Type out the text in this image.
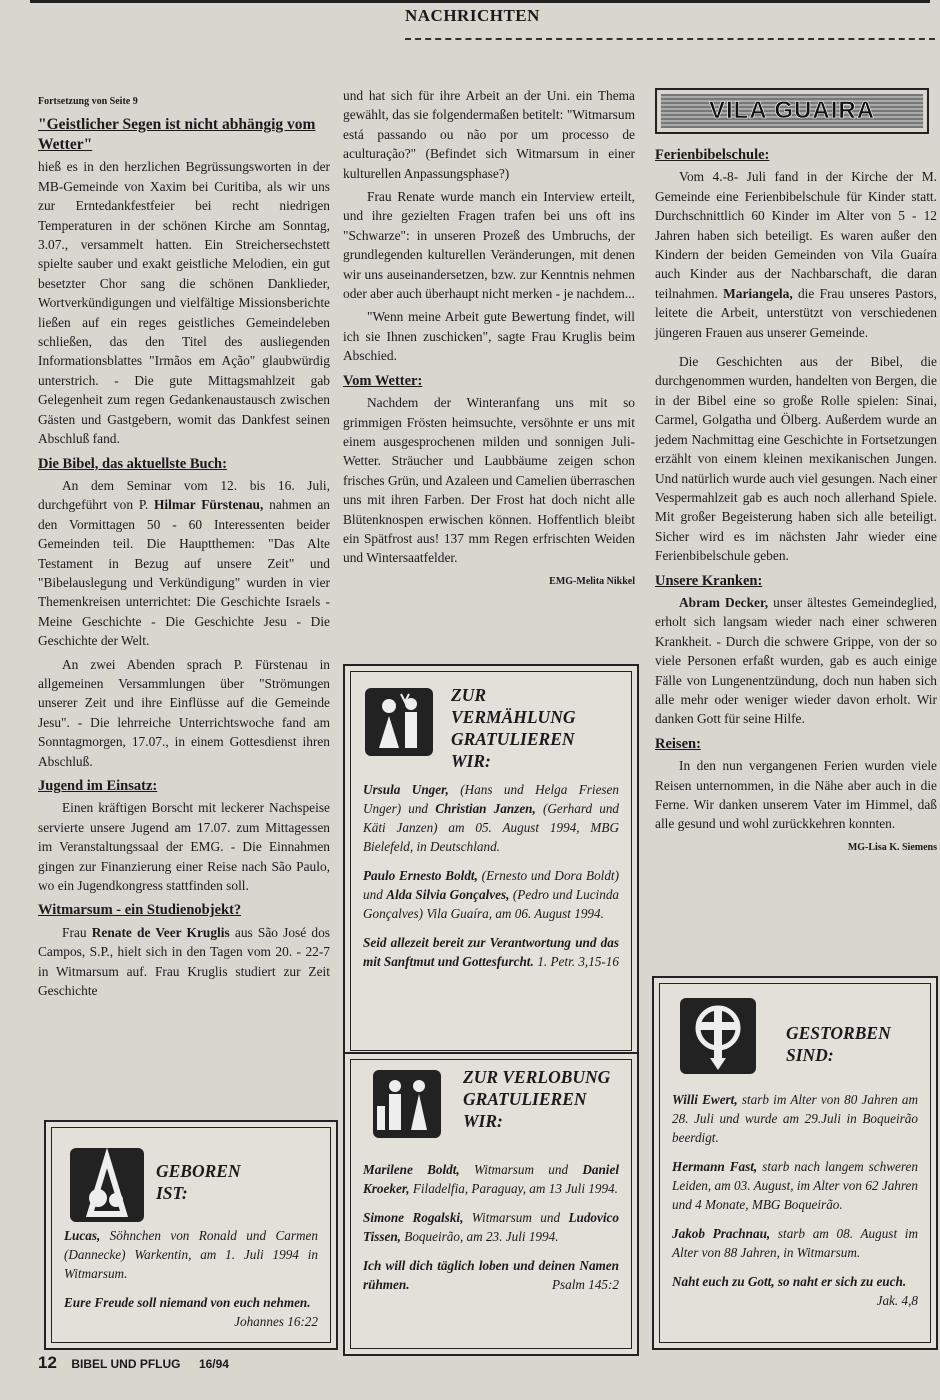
NACHRICHTEN

Fortsetzung von Seite 9

"Geistlicher Segen ist nicht abhängig vom Wetter"

hieß es in den herzlichen Begrüssungsworten in der MB-Gemeinde von Xaxim bei Curitiba, als wir uns zur Erntedankfestfeier bei recht niedrigen Temperaturen in der schönen Kirche am Sonntag, 3.07., versammelt hatten. Ein Streichersechstett spielte sauber und exakt geistliche Melodien, ein gut besetzter Chor sang die schönen Danklieder, Wortverkündigungen und vielfältige Missionsberichte ließen auf ein reges geistliches Gemeindeleben schließen, das den Titel des ausliegenden Informationsblattes "Irmãos em Ação" glaubwürdig unterstrich. - Die gute Mittagsmahlzeit gab Gelegenheit zum regen Gedankenaustausch zwischen Gästen und Gastgebern, womit das Dankfest seinen Abschluß fand.

Die Bibel, das aktuellste Buch:

An dem Seminar vom 12. bis 16. Juli, durchgeführt von P. Hilmar Fürstenau, nahmen an den Vormittagen 50 - 60 Interessenten beider Gemeinden teil. Die Hauptthemen: "Das Alte Testament in Bezug auf unsere Zeit" und "Bibelauslegung und Verkündigung" wurden in vier Themenkreisen unterrichtet: Die Geschichte Israels - Meine Geschichte - Die Geschichte Jesu - Die Geschichte der Welt.

An zwei Abenden sprach P. Fürstenau in allgemeinen Versammlungen über "Strömungen unserer Zeit und ihre Einflüsse auf die Gemeinde Jesu". - Die lehrreiche Unterrichtswoche fand am Sonntagmorgen, 17.07., in einem Gottesdienst ihren Abschluß.

Jugend im Einsatz:

Einen kräftigen Borscht mit leckerer Nachspeise servierte unsere Jugend am 17.07. zum Mittagessen im Veranstaltungssaal der EMG. - Die Einnahmen gingen zur Finanzierung einer Reise nach São Paulo, wo ein Jugendkongress stattfinden soll.

Witmarsum - ein Studienobjekt?

Frau Renate de Veer Kruglis aus São José dos Campos, S.P., hielt sich in den Tagen vom 20. - 22-7 in Witmarsum auf. Frau Kruglis studiert zur Zeit Geschichte

und hat sich für ihre Arbeit an der Uni. ein Thema gewählt, das sie folgendermaßen betitelt: "Witmarsum está passando ou não por um processo de aculturação?" (Befindet sich Witmarsum in einer kulturellen Anpassungsphase?)

Frau Renate wurde manch ein Interview erteilt, und ihre gezielten Fragen trafen bei uns oft ins "Schwarze": in unseren Prozeß des Umbruchs, der grundlegenden kulturellen Veränderungen, mit denen wir uns auseinandersetzen, bzw. zur Kenntnis nehmen oder aber auch überhaupt nicht merken - je nachdem...

"Wenn meine Arbeit gute Bewertung findet, will ich sie Ihnen zuschicken", sagte Frau Kruglis beim Abschied.

Vom Wetter:

Nachdem der Winteranfang uns mit so grimmigen Frösten heimsuchte, versöhnte er uns mit einem ausgesprochenen milden und sonnigen Juli-Wetter. Sträucher und Laubbäume zeigen schon frisches Grün, und Azaleen und Camelien überraschen uns mit ihren Farben. Der Frost hat doch nicht alle Blütenknospen erwischen können. Hoffentlich bleibt ein Spätfrost aus! 137 mm Regen erfrischten Weiden und Wintersaatfelder.

EMG-Melita Nikkel
VILA GUAIRA
Ferienbibelschule:

Vom 4.-8- Juli fand in der Kirche der M. Gemeinde eine Ferienbibelschule für Kinder statt. Durchschnittlich 60 Kinder im Alter von 5 - 12 Jahren haben sich beteiligt. Es waren außer den Kindern der beiden Gemeinden von Vila Guaíra auch Kinder aus der Nachbarschaft, die daran teilnahmen. Mariangela, die Frau unseres Pastors, leitete die Arbeit, unterstützt von verschiedenen jüngeren Frauen aus unserer Gemeinde.

Die Geschichten aus der Bibel, die durchgenommen wurden, handelten von Bergen, die in der Bibel eine so große Rolle spielen: Sinai, Carmel, Golgatha und Ölberg. Außerdem wurde an jedem Nachmittag eine Geschichte in Fortsetzungen erzählt von einem kleinen mexikanischen Jungen. Und natürlich wurde auch viel gesungen. Nach einer Vespermahlzeit gab es auch noch allerhand Spiele. Mit großer Begeisterung haben sich alle beteiligt. Sicher wird es im nächsten Jahr wieder eine Ferienbibelschule geben.

Unsere Kranken:

Abram Decker, unser ältestes Gemeindeglied, erholt sich langsam wieder nach einer schweren Krankheit. - Durch die schwere Grippe, von der so viele Personen erfaßt wurden, gab es auch einige Fälle von Lungenentzündung, doch nun haben sich alle mehr oder weniger wieder davon erholt. Wir danken Gott für seine Hilfe.

Reisen:

In den nun vergangenen Ferien wurden viele Reisen unternommen, in die Nähe aber auch in die Ferne. Wir danken unserem Vater im Himmel, daß alle gesund und wohl zurückkehren konnten.

MG-Lisa K. Siemens
ZUR VERMÄHLUNG GRATULIEREN WIR:

Ursula Unger, (Hans und Helga Friesen Unger) und Christian Janzen, (Gerhard und Käti Janzen) am 05. August 1994, MBG Bielefeld, in Deutschland.

Paulo Ernesto Boldt, (Ernesto und Dora Boldt) und Alda Silvia Gonçalves, (Pedro und Lucinda Gonçalves) Vila Guaíra, am 06. August 1994.

Seid allezeit bereit zur Verantwortung und das mit Sanftmut und Gottesfurcht. 1. Petr. 3,15-16

ZUR VERLOBUNG GRATULIEREN WIR:

Marilene Boldt, Witmarsum und Daniel Kroeker, Filadelfia, Paraguay, am 13 Juli 1994.

Simone Rogalski, Witmarsum und Ludovico Tissen, Boqueirão, am 23. Juli 1994.

Ich will dich täglich loben und deinen Namen rühmen.	Psalm 145:2

GEBOREN IST:

Lucas, Söhnchen von Ronald und Carmen (Dannecke) Warkentin, am 1. Juli 1994 in Witmarsum.

Eure Freude soll niemand von euch nehmen.
Johannes 16:22

GESTORBEN SIND:

Willi Ewert, starb im Alter von 80 Jahren am 28. Juli und wurde am 29.Juli in Boqueirão beerdigt.

Hermann Fast, starb nach langem schweren Leiden, am 03. August, im Alter von 62 Jahren und 4 Monate, MBG Boqueirão.

Jakob Prachnau, starb am 08. August im Alter von 88 Jahren, in Witmarsum.

Naht euch zu Gott, so naht er sich zu euch.
Jak. 4,8

12 BIBEL UND PFLUG 16/94
